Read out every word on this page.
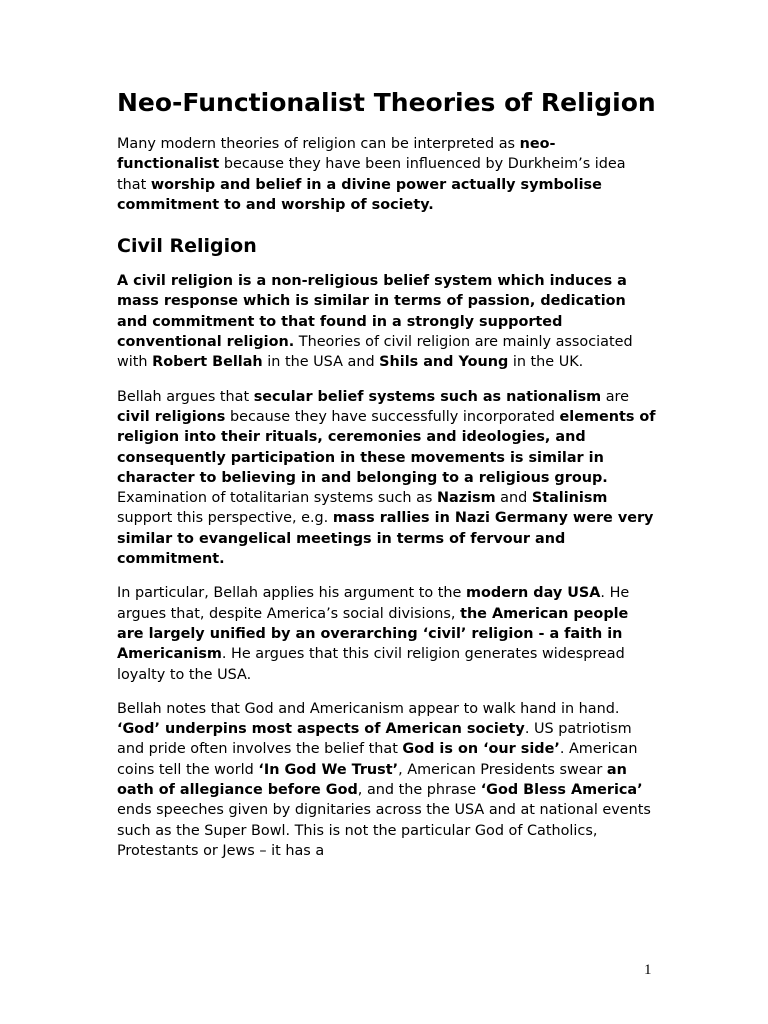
Neo-Functionalist Theories of Religion

Many modern theories of religion can be interpreted as neo-functionalist because they have been influenced by Durkheim’s idea that worship and belief in a divine power actually symbolise commitment to and worship of society.

Civil Religion

A civil religion is a non-religious belief system which induces a mass response which is similar in terms of passion, dedication and commitment to that found in a strongly supported conventional religion. Theories of civil religion are mainly associated with Robert Bellah in the USA and Shils and Young in the UK.

Bellah argues that secular belief systems such as nationalism are civil religions because they have successfully incorporated elements of religion into their rituals, ceremonies and ideologies, and consequently participation in these movements is similar in character to believing in and belonging to a religious group. Examination of totalitarian systems such as Nazism and Stalinism support this perspective, e.g. mass rallies in Nazi Germany were very similar to evangelical meetings in terms of fervour and commitment.

In particular, Bellah applies his argument to the modern day USA. He argues that, despite America’s social divisions, the American people are largely unified by an overarching ‘civil’ religion - a faith in Americanism. He argues that this civil religion generates widespread loyalty to the USA.

Bellah notes that God and Americanism appear to walk hand in hand. ‘God’ underpins most aspects of American society. US patriotism and pride often involves the belief that God is on ‘our side’. American coins tell the world ‘In God We Trust’, American Presidents swear an oath of allegiance before God, and the phrase ‘God Bless America’ ends speeches given by dignitaries across the USA and at national events such as the Super Bowl. This is not the particular God of Catholics, Protestants or Jews – it has a

1
